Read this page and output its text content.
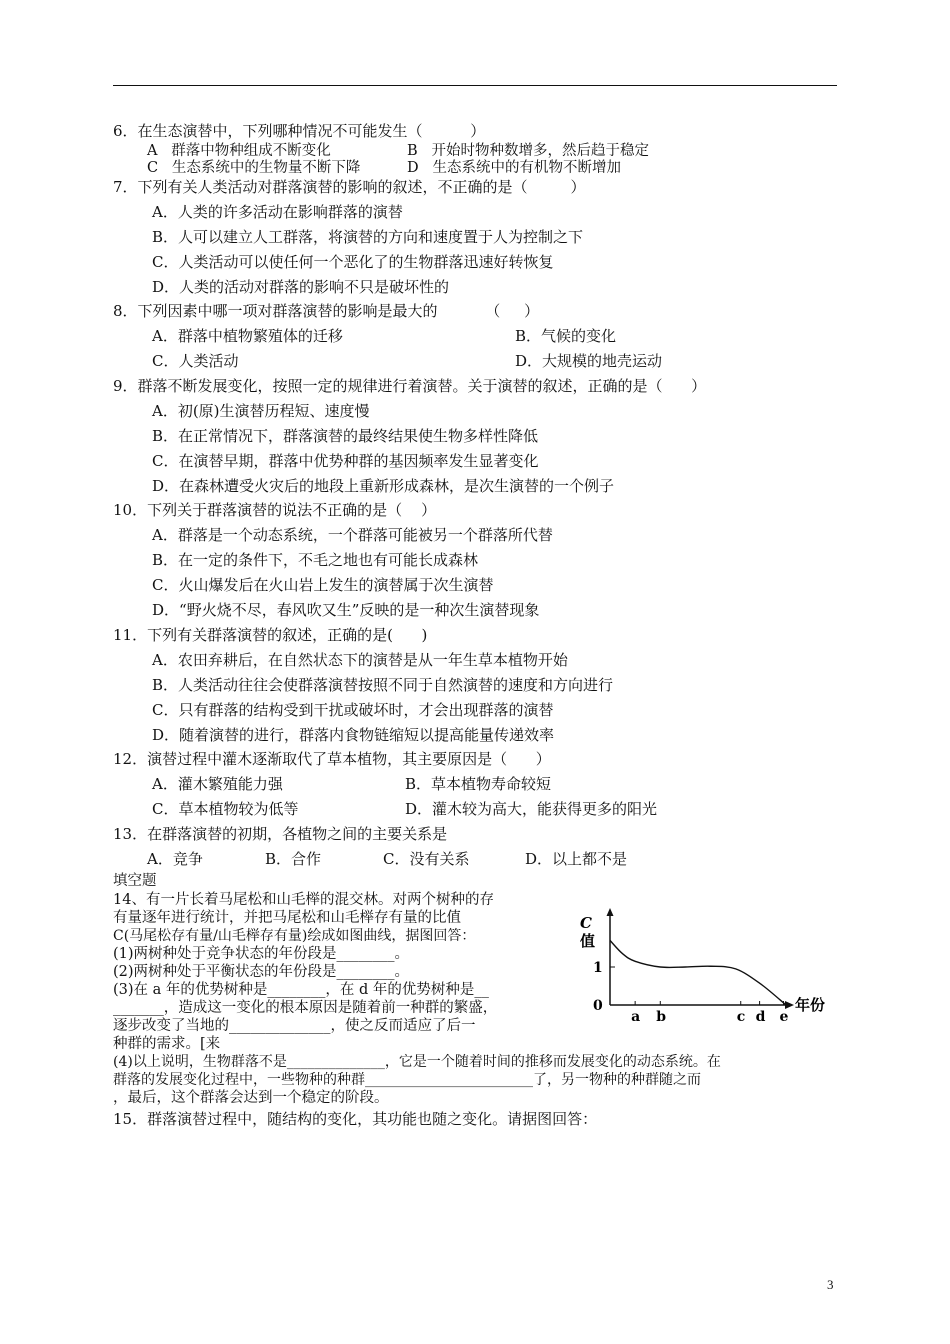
6．在生态演替中，下列哪种情况不可能发生（          ）
A   群落中物种组成不断变化	B   开始时物种数增多，然后趋于稳定
C   生态系统中的生物量不断下降	D   生态系统中的有机物不断增加
7．下列有关人类活动对群落演替的影响的叙述，不正确的是（         ）
A．人类的许多活动在影响群落的演替
B．人可以建立人工群落，将演替的方向和速度置于人为控制之下
C．人类活动可以使任何一个恶化了的生物群落迅速好转恢复
D．人类的活动对群落的影响不只是破坏性的
8．下列因素中哪一项对群落演替的影响是最大的          （     ）
A．群落中植物繁殖体的迁移	B．气候的变化
C．人类活动	D．大规模的地壳运动
9．群落不断发展变化，按照一定的规律进行着演替。关于演替的叙述，正确的是（      ）
A．初(原)生演替历程短、速度慢
B．在正常情况下，群落演替的最终结果使生物多样性降低
C．在演替早期，群落中优势种群的基因频率发生显著变化
D．在森林遭受火灾后的地段上重新形成森林，是次生演替的一个例子
10．下列关于群落演替的说法不正确的是（    ）
A．群落是一个动态系统，一个群落可能被另一个群落所代替
B．在一定的条件下，不毛之地也有可能长成森林
C．火山爆发后在火山岩上发生的演替属于次生演替
D．“野火烧不尽，春风吹又生”反映的是一种次生演替现象
11．下列有关群落演替的叙述，正确的是(      )
A．农田弃耕后，在自然状态下的演替是从一年生草本植物开始
B．人类活动往往会使群落演替按照不同于自然演替的速度和方向进行
C．只有群落的结构受到干扰或破坏时，才会出现群落的演替
D．随着演替的进行，群落内食物链缩短以提高能量传递效率
12．演替过程中灌木逐渐取代了草本植物，其主要原因是（      ）
A．灌木繁殖能力强	B．草本植物寿命较短
C．草本植物较为低等	D．灌木较为高大，能获得更多的阳光
13．在群落演替的初期，各植物之间的主要关系是
A．竞争	B．合作	C．没有关系	D．以上都不是
填空题
14、有一片长着马尾松和山毛榉的混交林。对两个树种的存
有量逐年进行统计，并把马尾松和山毛榉存有量的比值
C(马尾松存有量/山毛榉存有量)绘成如图曲线，据图回答：
(1)两树种处于竞争状态的年份段是________。
(2)两树种处于平衡状态的年份段是________。
(3)在 a 年的优势树种是________，在 d 年的优势树种是__
_______，造成这一变化的根本原因是随着前一种群的繁盛，
逐步改变了当地的______________，使之反而适应了后一
种群的需求。[来
(4)以上说明，生物群落不是______________，它是一个随着时间的推移而发展变化的动态系统。在
群落的发展变化过程中，一些物种的种群________________________了，另一物种的种群随之而
，最后，这个群落会达到一个稳定的阶段。
15．群落演替过程中，随结构的变化，其功能也随之变化。请据图回答：
C
值
年份
0
1
a b	c d e
3
